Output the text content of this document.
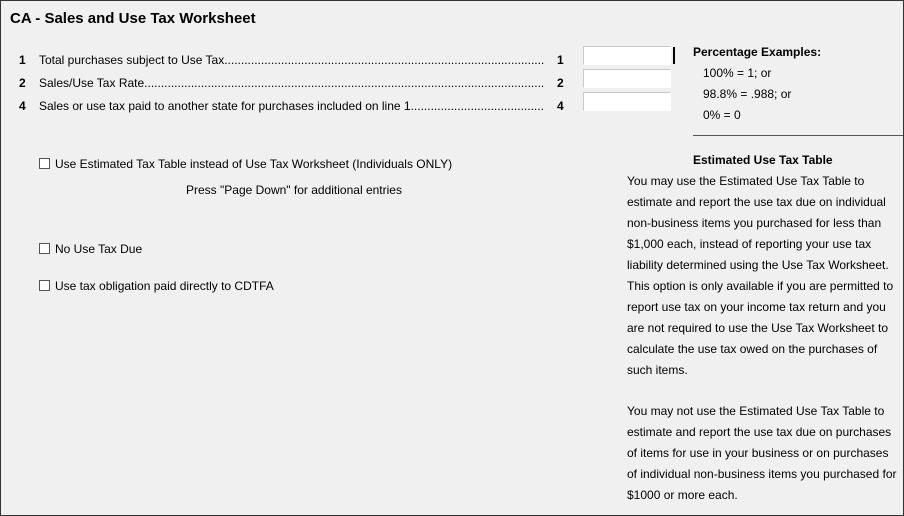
CA - Sales and Use Tax Worksheet
1 Total purchases subject to Use Tax .....	1
2 Sales/Use Tax Rate .....	2
4 Sales or use tax paid to another state for purchases included on line 1 .....	4
Use Estimated Tax Table instead of Use Tax Worksheet (Individuals ONLY)
Press "Page Down" for additional entries
No Use Tax Due
Use tax obligation paid directly to CDTFA
Percentage Examples:
100% = 1; or
98.8% = .988; or
0% = 0
Estimated Use Tax Table
You may use the Estimated Use Tax Table to estimate and report the use tax due on individual non-business items you purchased for less than $1,000 each, instead of reporting your use tax liability determined using the Use Tax Worksheet. This option is only available if you are permitted to report use tax on your income tax return and you are not required to use the Use Tax Worksheet to calculate the use tax owed on the purchases of such items.
You may not use the Estimated Use Tax Table to estimate and report the use tax due on purchases of items for use in your business or on purchases of individual non-business items you purchased for $1000 or more each.
